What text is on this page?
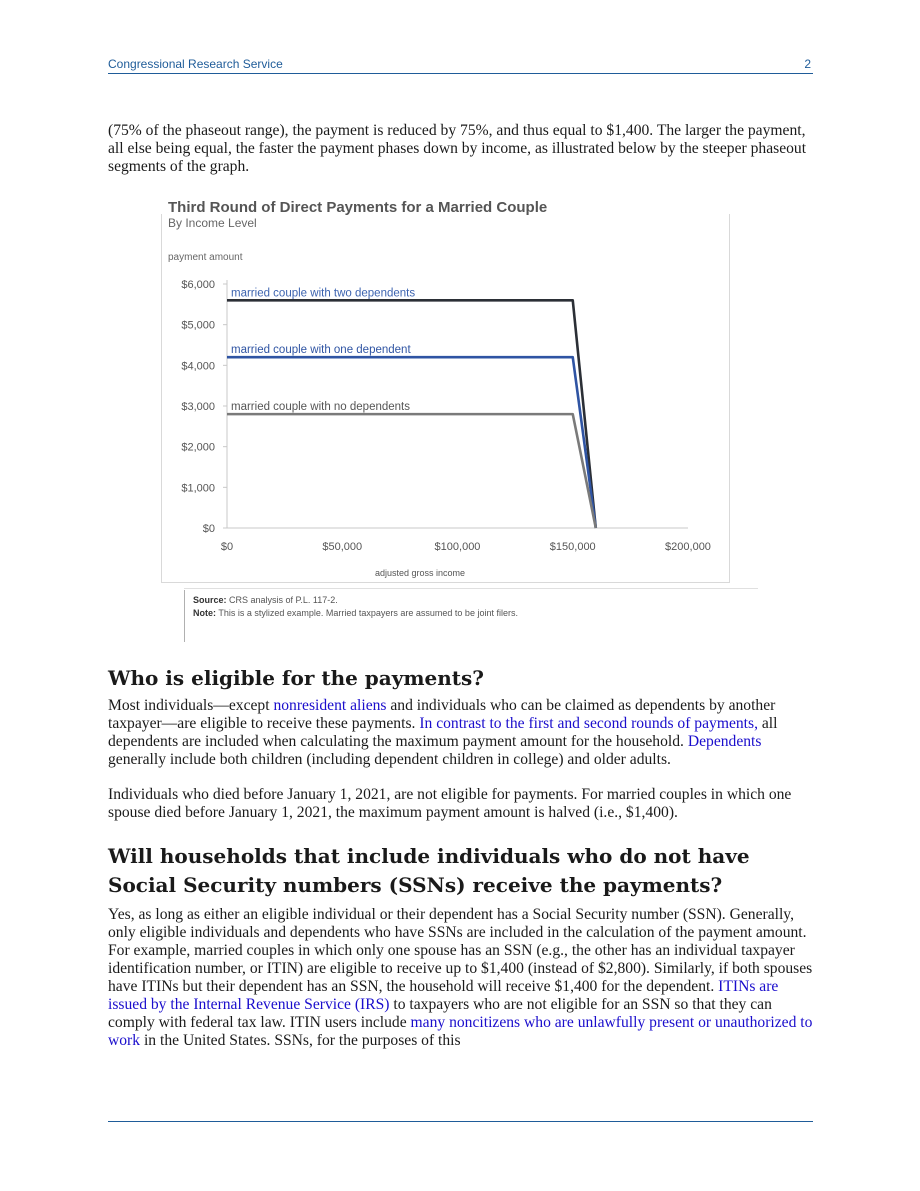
Congressional Research Service	2

(75% of the phaseout range), the payment is reduced by 75%, and thus equal to $1,400. The larger the payment, all else being equal, the faster the payment phases down by income, as illustrated below by the steeper phaseout segments of the graph.

Third Round of Direct Payments for a Married Couple
By Income Level
payment amount
$0
$1,000
$2,000
$3,000
$4,000
$5,000
$6,000
$0	$50,000	$100,000	$150,000	$200,000
married couple with two dependents
married couple with one dependent
married couple with no dependents
adjusted gross income
Source: CRS analysis of P.L. 117-2.
Note: This is a stylized example. Married taxpayers are assumed to be joint filers.
Who is eligible for the payments?

Most individuals—except nonresident aliens and individuals who can be claimed as dependents by another taxpayer—are eligible to receive these payments. In contrast to the first and second rounds of payments, all dependents are included when calculating the maximum payment amount for the household. Dependents generally include both children (including dependent children in college) and older adults.

Individuals who died before January 1, 2021, are not eligible for payments. For married couples in which one spouse died before January 1, 2021, the maximum payment amount is halved (i.e., $1,400).

Will households that include individuals who do not have Social Security numbers (SSNs) receive the payments?

Yes, as long as either an eligible individual or their dependent has a Social Security number (SSN). Generally, only eligible individuals and dependents who have SSNs are included in the calculation of the payment amount. For example, married couples in which only one spouse has an SSN (e.g., the other has an individual taxpayer identification number, or ITIN) are eligible to receive up to $1,400 (instead of $2,800). Similarly, if both spouses have ITINs but their dependent has an SSN, the household will receive $1,400 for the dependent. ITINs are issued by the Internal Revenue Service (IRS) to taxpayers who are not eligible for an SSN so that they can comply with federal tax law. ITIN users include many noncitizens who are unlawfully present or unauthorized to work in the United States. SSNs, for the purposes of this
